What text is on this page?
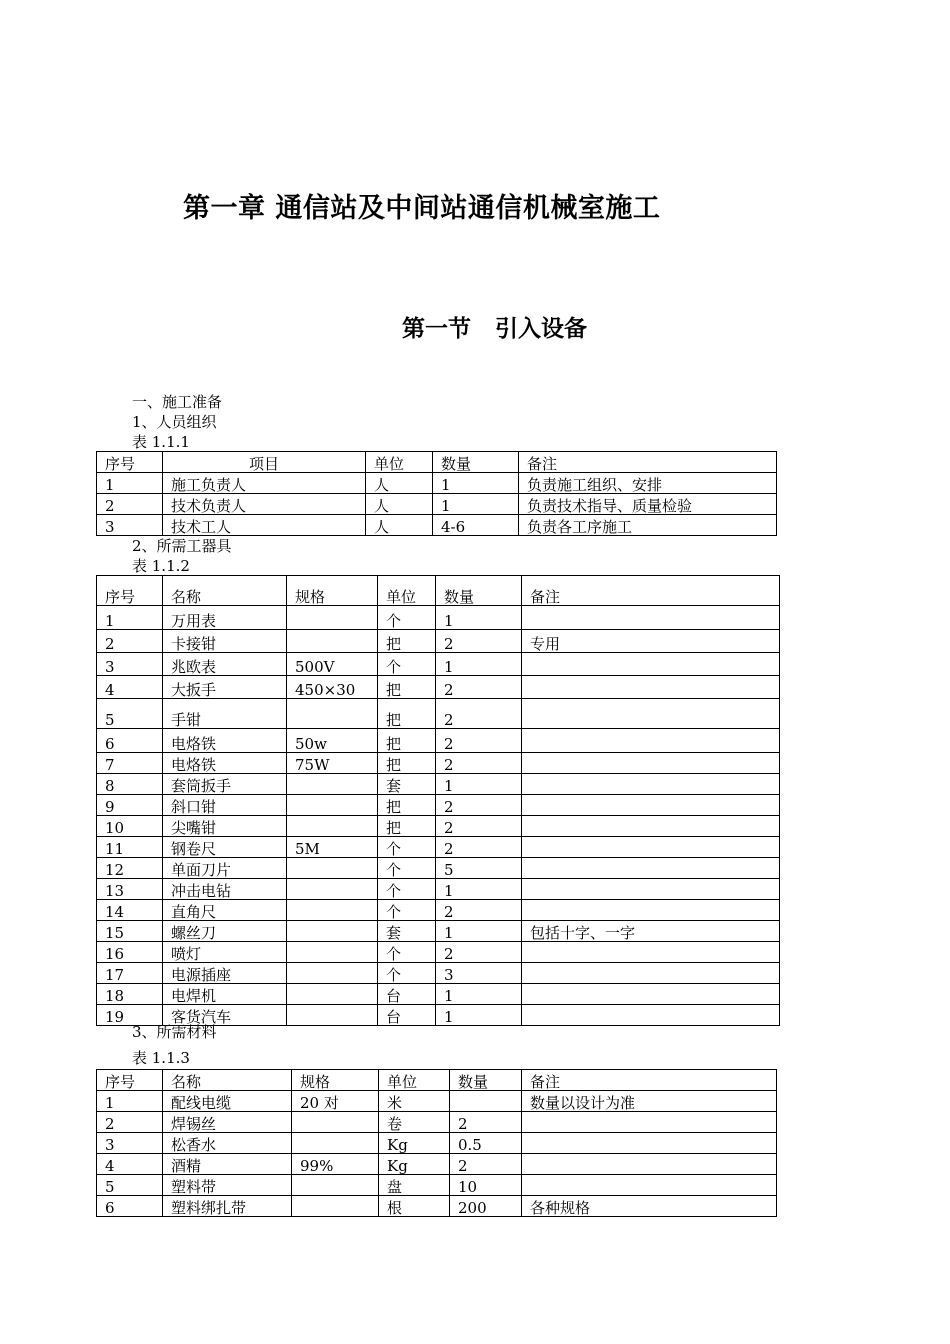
第一章 通信站及中间站通信机械室施工
第一节   引入设备
一、施工准备
1、人员组织
表 1.1.1
序号	项目	单位	数量	备注
1	施工负责人	人	1	负责施工组织、安排
2	技术负责人	人	1	负责技术指导、质量检验
3	技术工人	人	4-6	负责各工序施工
2、所需工器具
表 1.1.2
序号	名称	规格	单位	数量	备注
1	万用表		个	1	
2	卡接钳		把	2	专用
3	兆欧表	500V	个	1	
4	大扳手	450×30	把	2	
5	手钳		把	2	
6	电烙铁	50w	把	2	
7	电烙铁	75W	把	2	
8	套筒扳手		套	1	
9	斜口钳		把	2	
10	尖嘴钳		把	2	
11	钢卷尺	5M	个	2	
12	单面刀片		个	5	
13	冲击电钻		个	1	
14	直角尺		个	2	
15	螺丝刀		套	1	包括十字、一字
16	喷灯		个	2	
17	电源插座		个	3	
18	电焊机		台	1	
19	客货汽车		台	1	
3、所需材料
表 1.1.3
序号	名称	规格	单位	数量	备注
1	配线电缆	20 对	米		数量以设计为准
2	焊锡丝		卷	2	
3	松香水		Kg	0.5	
4	酒精	99%	Kg	2	
5	塑料带		盘	10	
6	塑料绑扎带		根	200	各种规格
